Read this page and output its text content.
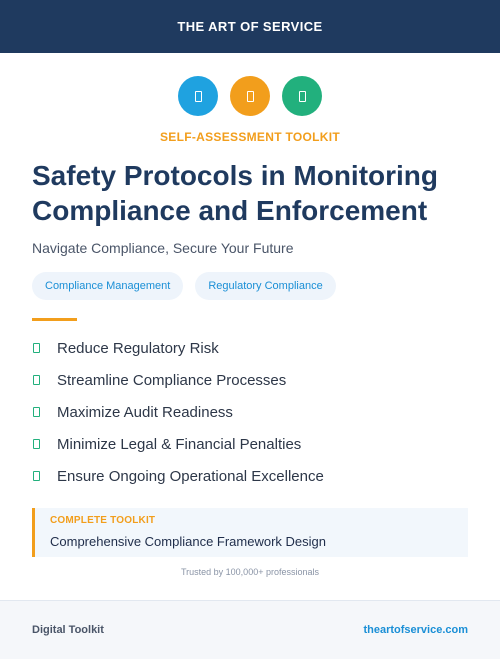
THE ART OF SERVICE
SELF-ASSESSMENT TOOLKIT
Safety Protocols in Monitoring Compliance and Enforcement

Navigate Compliance, Secure Your Future

Compliance Management	Regulatory Compliance
Reduce Regulatory Risk
Streamline Compliance Processes
Maximize Audit Readiness
Minimize Legal & Financial Penalties
Ensure Ongoing Operational Excellence
COMPLETE TOOLKIT
Comprehensive Compliance Framework Design
Trusted by 100,000+ professionals
Digital Toolkit	theartofservice.com
